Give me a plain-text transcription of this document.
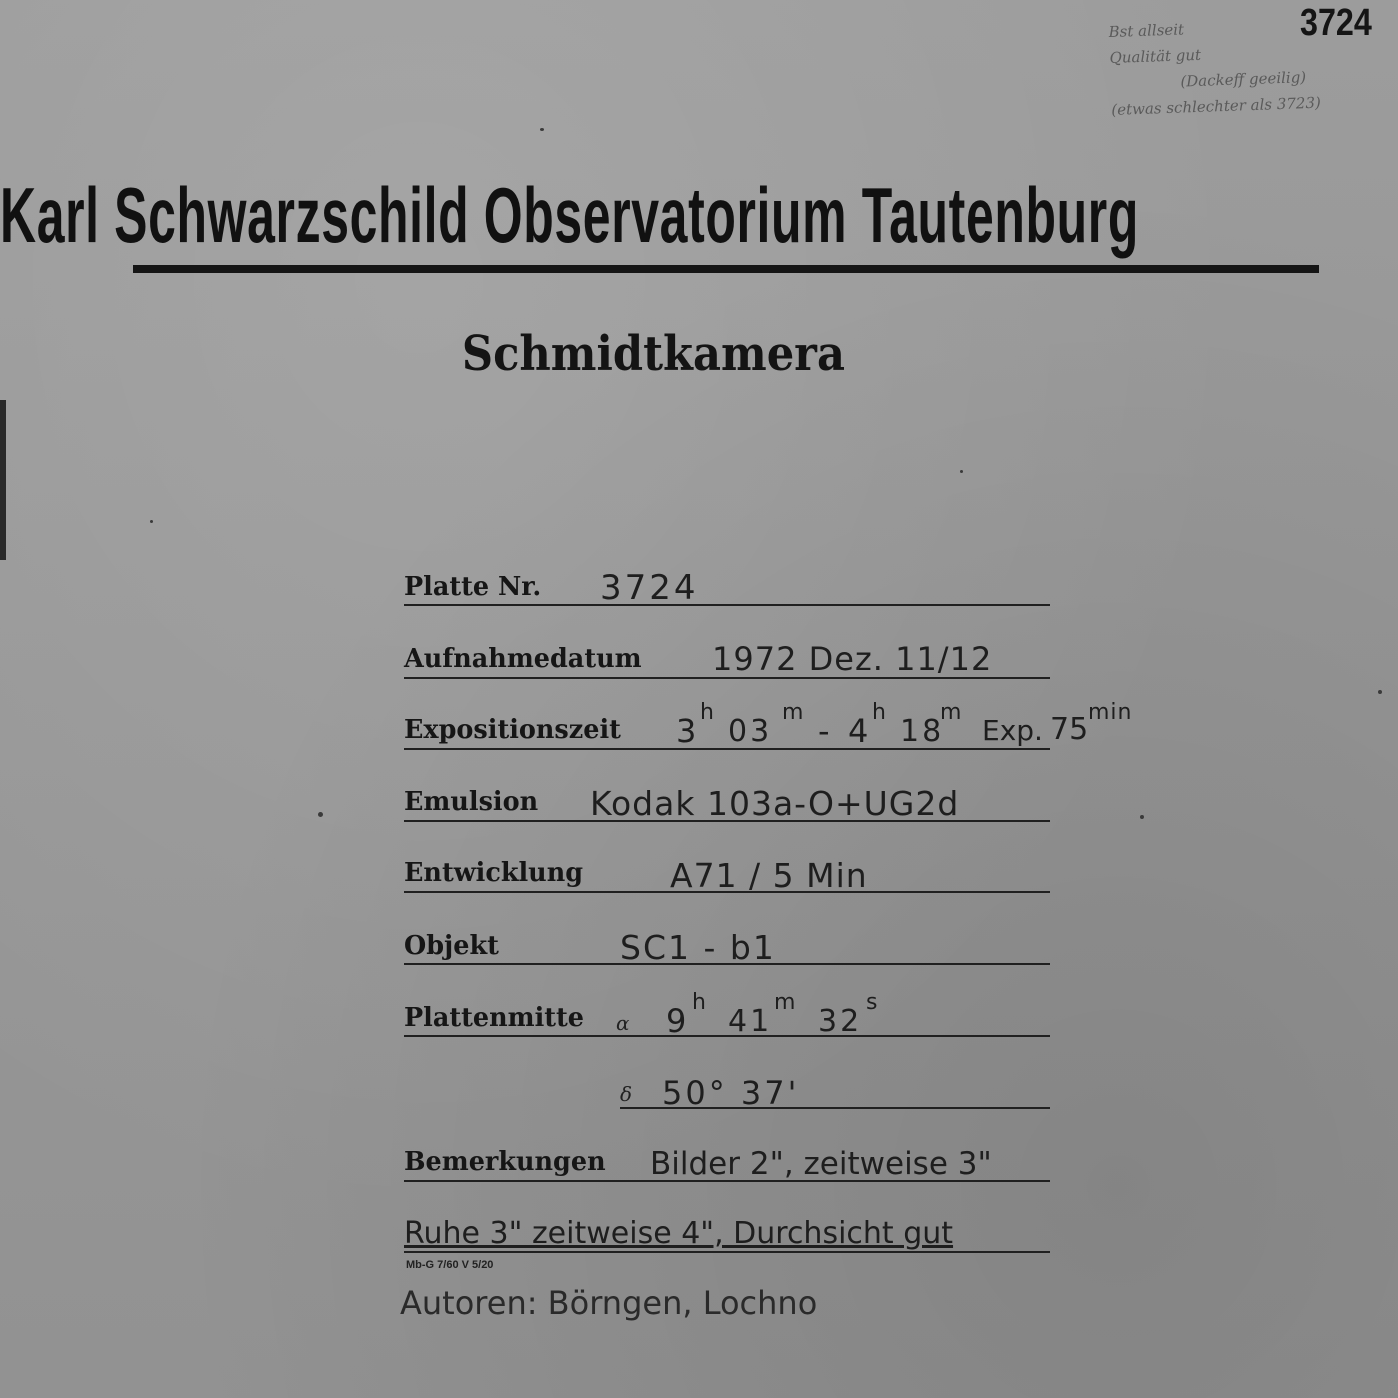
Bst allseit
Qualität gut
(Dackeff geeilig)
(etwas schlechter als 3723)
3724
Karl Schwarzschild Observatorium Tautenburg
Schmidtkamera
Platte Nr. 3724
Aufnahmedatum 1972 Dez. 11/12
Expositionszeit 3 h
03
m - 4 h
18
m
Exp. 75 min
Emulsion Kodak 103a-O+UG2d
Entwicklung	A71 / 5 Min
Objekt	SC1 - b1
Plattenmitte α 9 h
41
m
32
s
δ 50° 37'
Bemerkungen Bilder 2", zeitweise 3"
Ruhe 3" zeitweise 4", Durchsicht gut
Mb-G 7/60 V 5/20
Autoren: Börngen, Lochno
